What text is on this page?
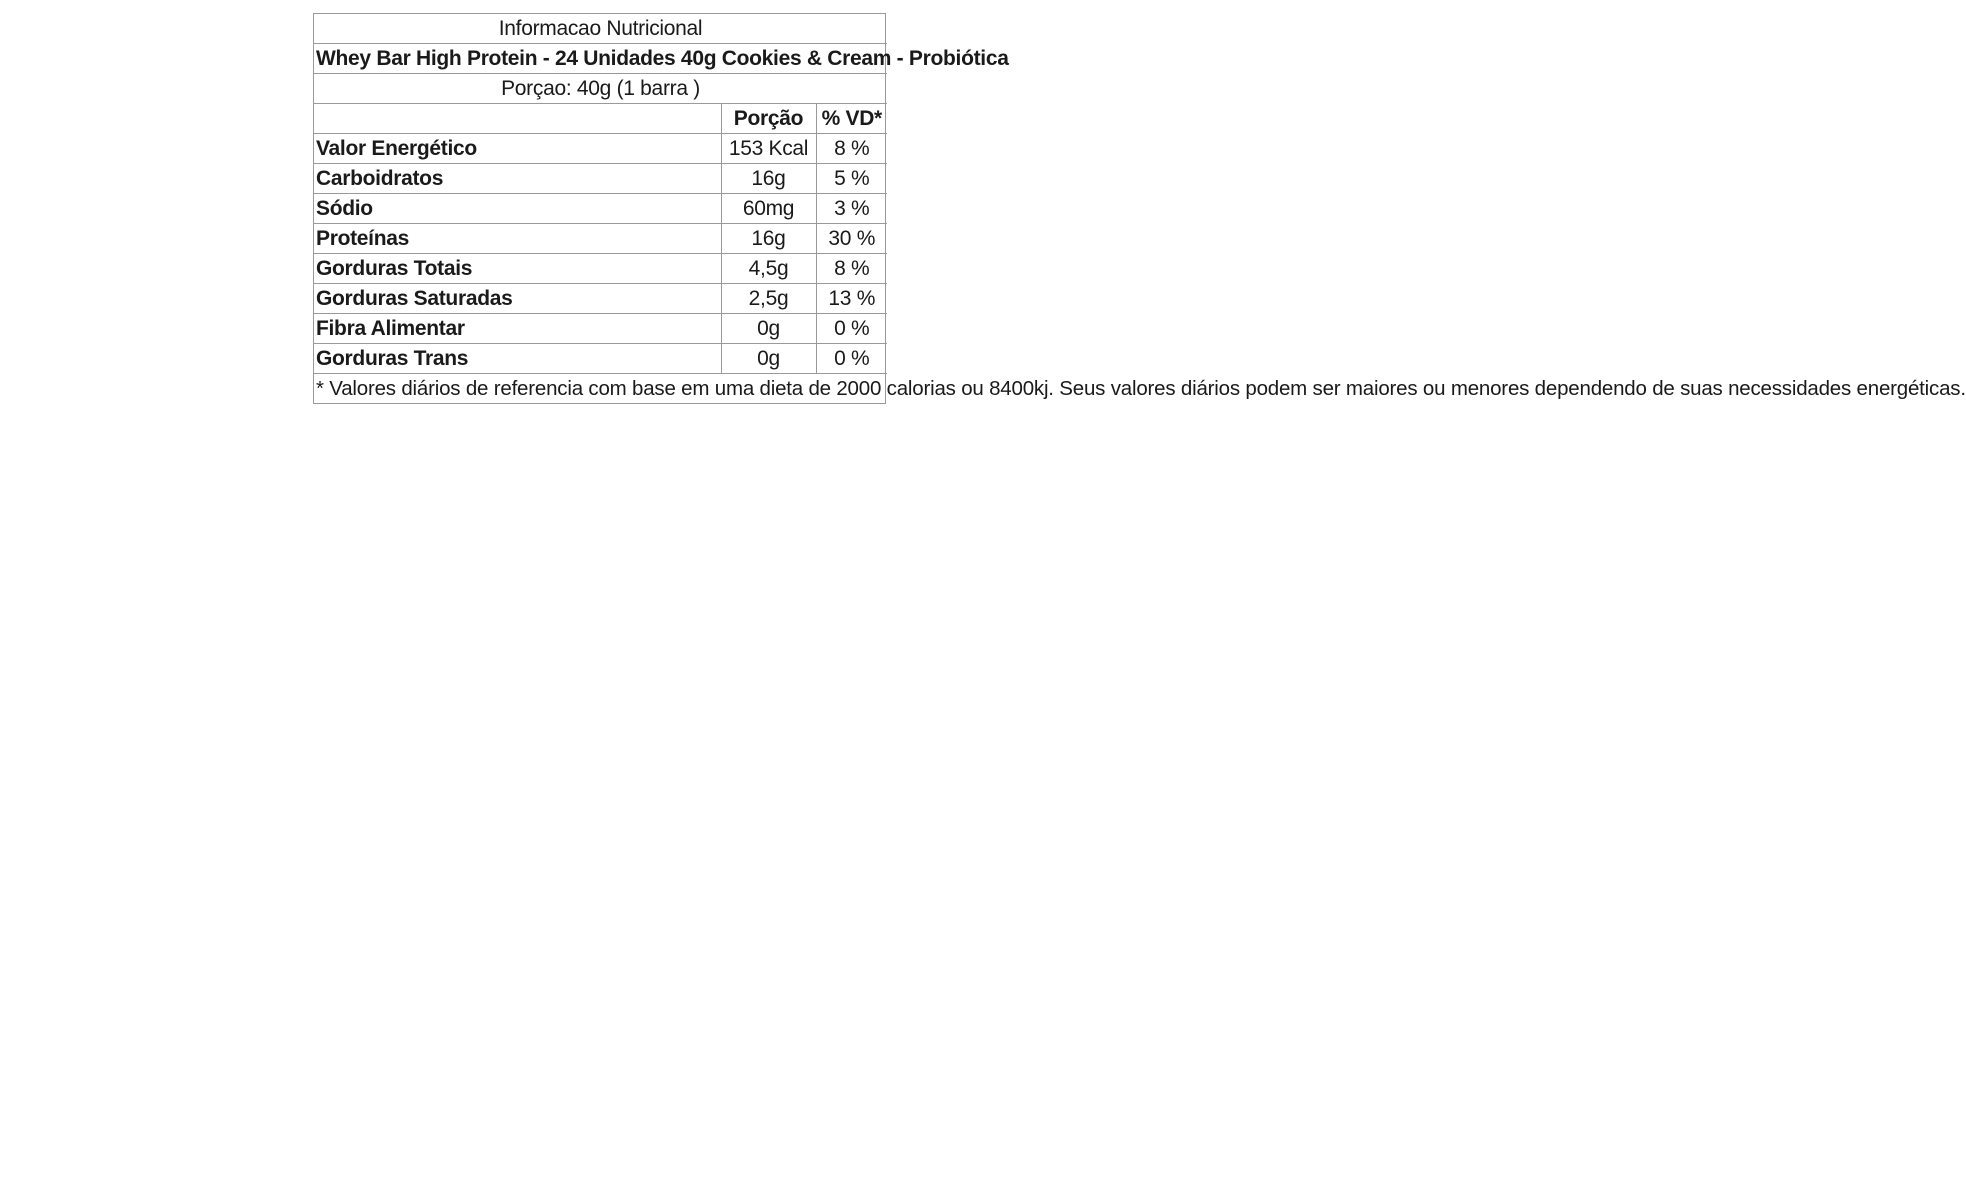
Informacao Nutricional		
Whey Bar High Protein - 24 Unidades 40g Cookies & Cream - Probiótica		
Porçao: 40g (1 barra )		
	Porção	% VD*
Valor Energético	153 Kcal	8 %
Carboidratos	16g	5 %
Sódio	60mg	3 %
Proteínas	16g	30 %
Gorduras Totais	4,5g	8 %
Gorduras Saturadas	2,5g	13 %
Fibra Alimentar	0g	0 %
Gorduras Trans	0g	0 %
* Valores diários de referencia com base em uma dieta de 2000 calorias ou 8400kj. Seus valores diários podem ser maiores ou menores dependendo de suas necessidades energéticas.		
